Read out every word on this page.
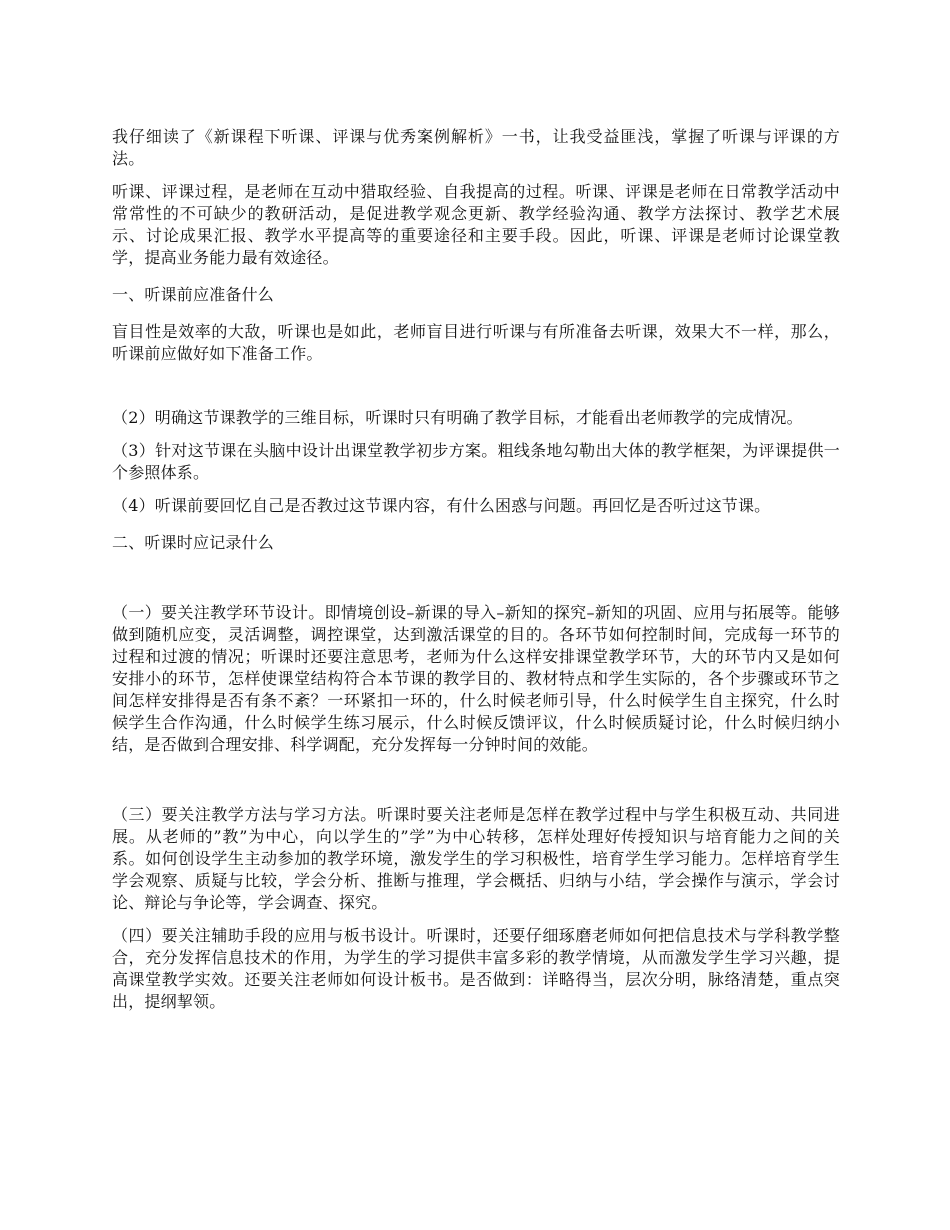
我仔细读了《新课程下听课、评课与优秀案例解析》一书，让我受益匪浅，掌握了听课与评课的方法。

听课、评课过程，是老师在互动中猎取经验、自我提高的过程。听课、评课是老师在日常教学活动中常常性的不可缺少的教研活动，是促进教学观念更新、教学经验沟通、教学方法探讨、教学艺术展示、讨论成果汇报、教学水平提高等的重要途径和主要手段。因此，听课、评课是老师讨论课堂教学，提高业务能力最有效途径。

一、听课前应准备什么

盲目性是效率的大敌，听课也是如此，老师盲目进行听课与有所准备去听课，效果大不一样，那么，听课前应做好如下准备工作。

（2）明确这节课教学的三维目标，听课时只有明确了教学目标，才能看出老师教学的完成情况。

（3）针对这节课在头脑中设计出课堂教学初步方案。粗线条地勾勒出大体的教学框架，为评课提供一个参照体系。

（4）听课前要回忆自己是否教过这节课内容，有什么困惑与问题。再回忆是否听过这节课。

二、听课时应记录什么

（一）要关注教学环节设计。即情境创设–新课的导入–新知的探究–新知的巩固、应用与拓展等。能够做到随机应变，灵活调整，调控课堂，达到激活课堂的目的。各环节如何控制时间，完成每一环节的过程和过渡的情况；听课时还要注意思考，老师为什么这样安排课堂教学环节，大的环节内又是如何安排小的环节，怎样使课堂结构符合本节课的教学目的、教材特点和学生实际的，各个步骤或环节之间怎样安排得是否有条不紊？一环紧扣一环的，什么时候老师引导，什么时候学生自主探究，什么时候学生合作沟通，什么时候学生练习展示，什么时候反馈评议，什么时候质疑讨论，什么时候归纳小结，是否做到合理安排、科学调配，充分发挥每一分钟时间的效能。

（三）要关注教学方法与学习方法。听课时要关注老师是怎样在教学过程中与学生积极互动、共同进展。从老师的”教”为中心，向以学生的”学”为中心转移，怎样处理好传授知识与培育能力之间的关系。如何创设学生主动参加的教学环境，激发学生的学习积极性，培育学生学习能力。怎样培育学生学会观察、质疑与比较，学会分析、推断与推理，学会概括、归纳与小结，学会操作与演示，学会讨论、辩论与争论等，学会调查、探究。

（四）要关注辅助手段的应用与板书设计。听课时，还要仔细琢磨老师如何把信息技术与学科教学整合，充分发挥信息技术的作用，为学生的学习提供丰富多彩的教学情境，从而激发学生学习兴趣，提高课堂教学实效。还要关注老师如何设计板书。是否做到：详略得当，层次分明，脉络清楚，重点突出，提纲挈领。
